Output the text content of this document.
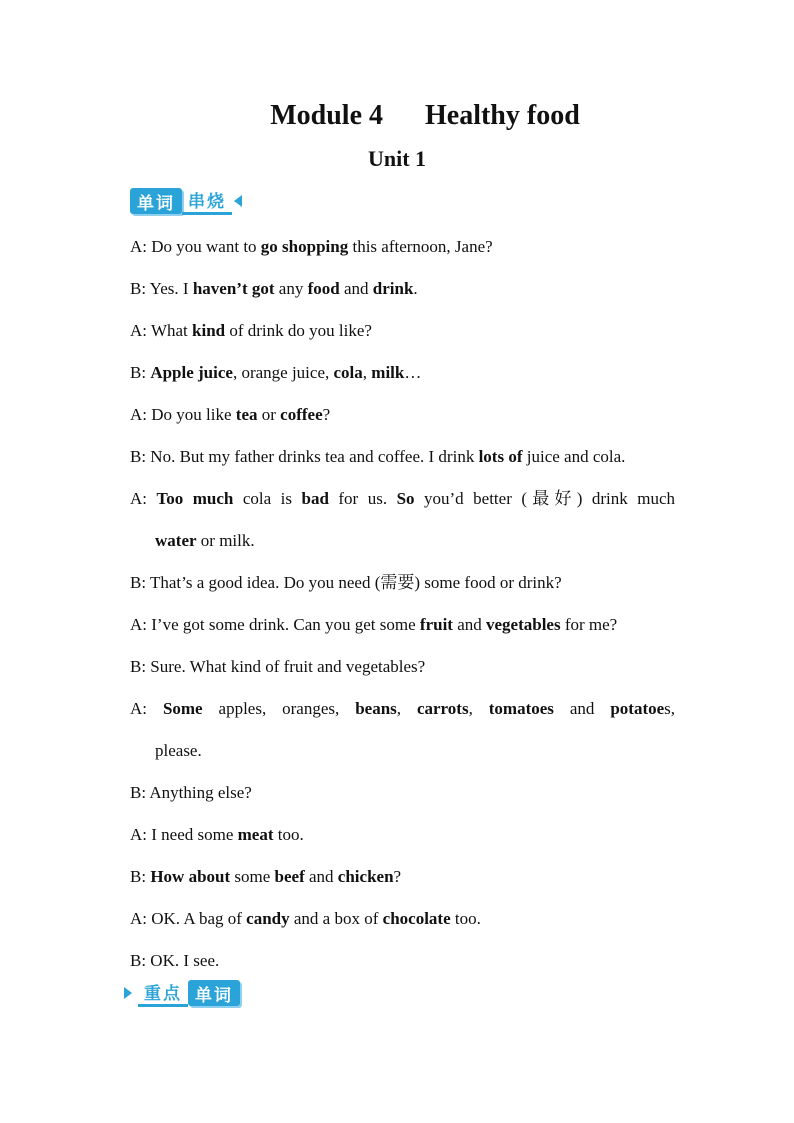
Module 4      Healthy food
Unit 1
单词 串烧
A: Do you want to go shopping this afternoon, Jane?
B: Yes. I haven’t got any food and drink.
A: What kind of drink do you like?
B: Apple juice, orange juice, cola, milk…
A: Do you like tea or coffee?
B: No. But my father drinks tea and coffee. I drink lots of juice and cola.
A: Too much cola is bad for us. So you’d better (最好) drink much
water or milk.
B: That’s a good idea. Do you need (需要) some food or drink?
A: I’ve got some drink. Can you get some fruit and vegetables for me?
B: Sure. What kind of fruit and vegetables?
A: Some apples, oranges, beans, carrots, tomatoes and potatoes,
please.
B: Anything else?
A: I need some meat too.
B: How about some beef and chicken?
A: OK. A bag of candy and a box of chocolate too.
B: OK. I see.
重点 单词
